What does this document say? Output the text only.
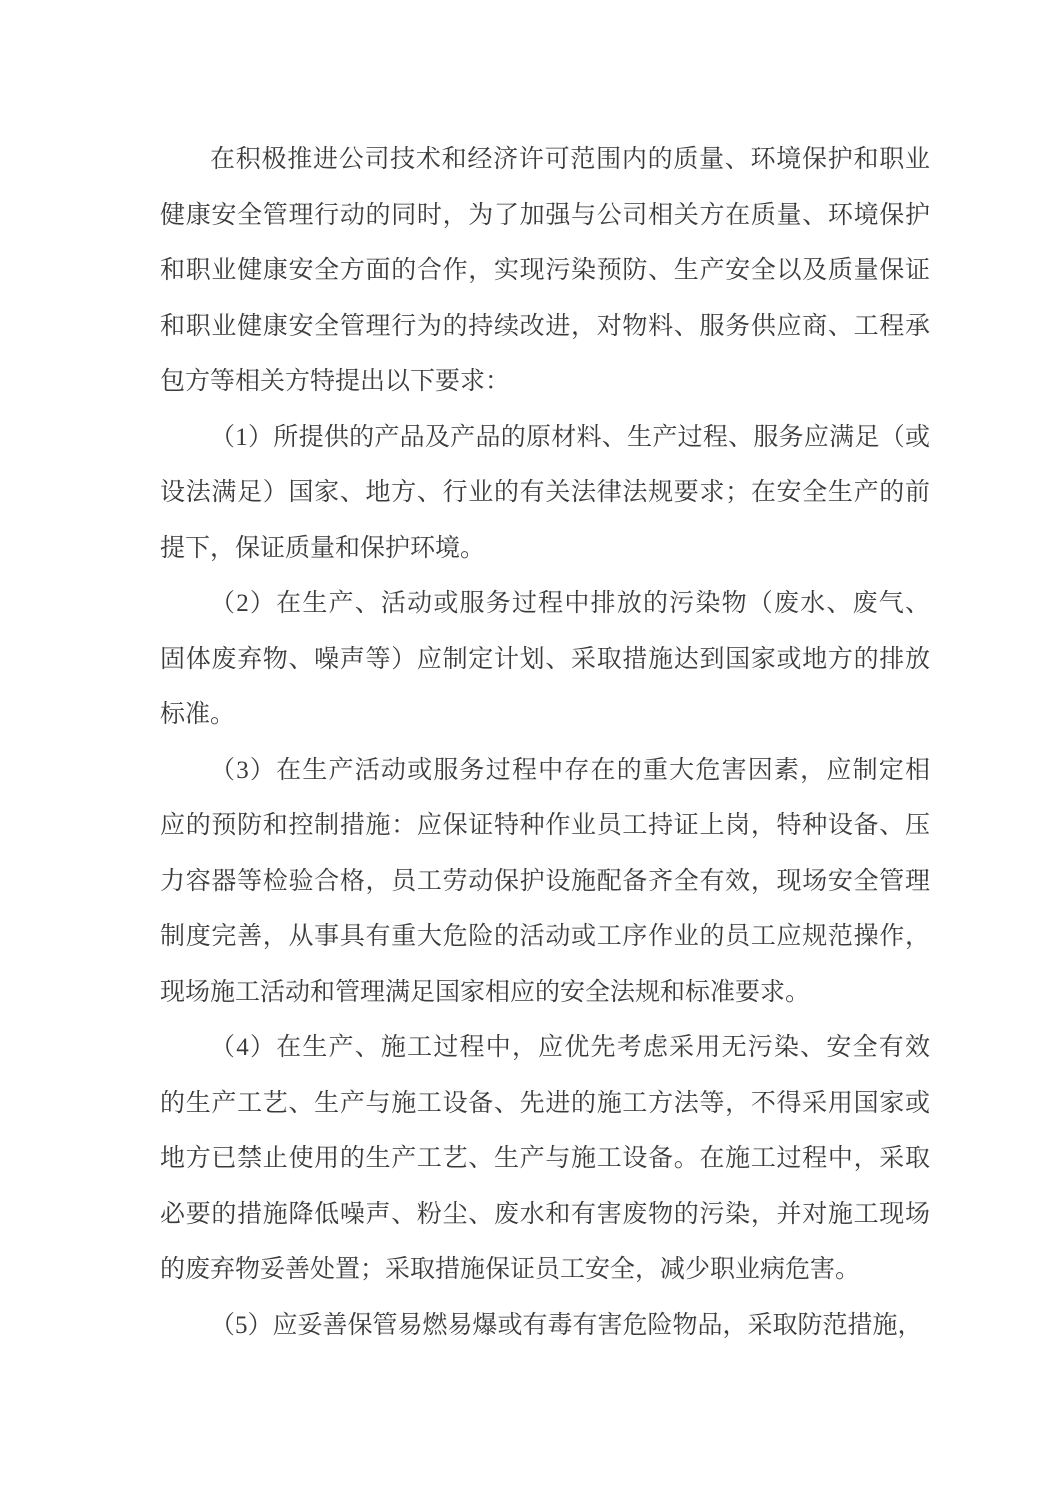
在积极推进公司技术和经济许可范围内的质量、环境保护和职业
健康安全管理行动的同时，为了加强与公司相关方在质量、环境保护
和职业健康安全方面的合作，实现污染预防、生产安全以及质量保证
和职业健康安全管理行为的持续改进，对物料、服务供应商、工程承
包方等相关方特提出以下要求：
（1）所提供的产品及产品的原材料、生产过程、服务应满足（或
设法满足）国家、地方、行业的有关法律法规要求；在安全生产的前
提下，保证质量和保护环境。
（2）在生产、活动或服务过程中排放的污染物（废水、废气、
固体废弃物、噪声等）应制定计划、采取措施达到国家或地方的排放
标准。
（3）在生产活动或服务过程中存在的重大危害因素，应制定相
应的预防和控制措施：应保证特种作业员工持证上岗，特种设备、压
力容器等检验合格，员工劳动保护设施配备齐全有效，现场安全管理
制度完善，从事具有重大危险的活动或工序作业的员工应规范操作，
现场施工活动和管理满足国家相应的安全法规和标准要求。
（4）在生产、施工过程中，应优先考虑采用无污染、安全有效
的生产工艺、生产与施工设备、先进的施工方法等，不得采用国家或
地方已禁止使用的生产工艺、生产与施工设备。在施工过程中，采取
必要的措施降低噪声、粉尘、废水和有害废物的污染，并对施工现场
的废弃物妥善处置；采取措施保证员工安全，减少职业病危害。
（5）应妥善保管易燃易爆或有毒有害危险物品，采取防范措施，
